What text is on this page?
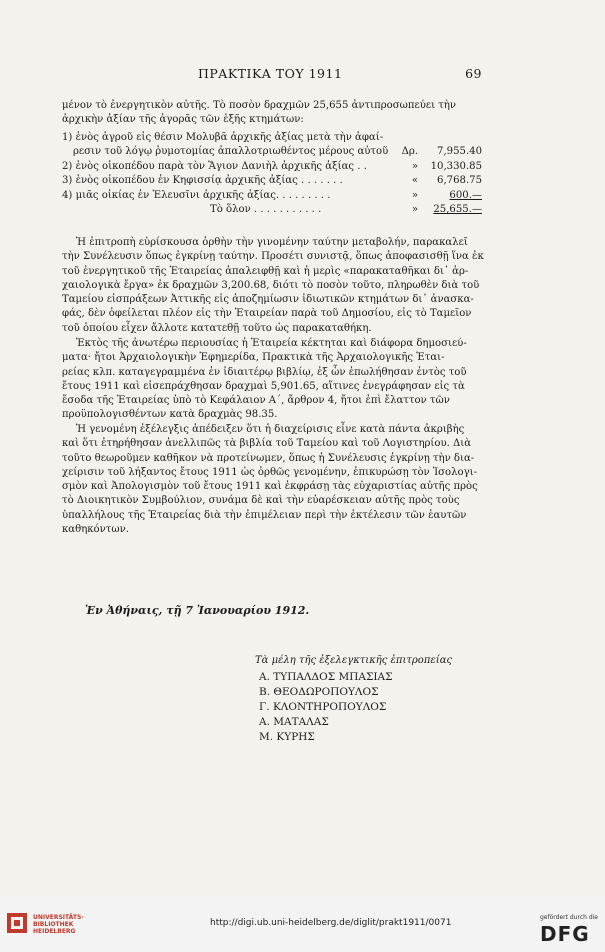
ΠΡΑΚΤΙΚΑ ΤΟΥ 1911	69
μένον τὸ ἐνεργητικὸν αὐτῆς. Τὸ ποσὸν δραχμῶν 25,655 ἀντιπροσωπεύει τὴν
ἀρχικὴν ἀξίαν τῆς ἀγορᾶς τῶν ἑξῆς κτημάτων:
1) ἑνὸς ἀγροῦ εἰς θέσιν Μολυβᾶ ἀρχικῆς ἀξίας μετὰ τὴν ἀφαί-
ρεσιν τοῦ λόγῳ ῥυμοτομίας ἀπαλλοτριωθέντος μέρους αὐτοῦ	Δρ. 7,955.40
2) ἑνὸς οἰκοπέδου παρὰ τὸν Ἅγιον Δανιὴλ ἀρχικῆς ἀξίας . .	» 10,330.85
3) ἑνὸς οἰκοπέδου ἐν Κηφισσίᾳ ἀρχικῆς ἀξίας . . . . . . .	« 6,768.75
4) μιᾶς οἰκίας ἐν Ἐλευσῖνι ἀρχικῆς ἀξίας. . . . . . . . .	»	600.—
Τὸ ὅλον . . . . . . . . . . .	» 25,655.—
Ἡ ἐπιτροπὴ εὑρίσκουσα ὀρθὴν τὴν γινομένην ταύτην μεταβολήν, παρακαλεῖ
τὴν Συνέλευσιν ὅπως ἐγκρίνῃ ταύτην. Προσέτι συνιστᾷ, ὅπως ἀποφασισθῇ ἵνα ἐκ
τοῦ ἐνεργητικοῦ τῆς Ἑταιρείας ἀπαλειφθῇ καὶ ἡ μερὶς «παρακαταθῆκαι δι᾽ ἀρ-
χαιολογικὰ ἔργα» ἐκ δραχμῶν 3,200.68, διότι τὸ ποσὸν τοῦτο, πληρωθὲν διὰ τοῦ
Ταμείου εἰσπράξεων Ἀττικῆς εἰς ἀποζημίωσιν ἰδιωτικῶν κτημάτων δι᾽ ἀνασκα-
φάς, δὲν ὀφείλεται πλέον εἰς τὴν Ἑταιρείαν παρὰ τοῦ Δημοσίου, εἰς τὸ Ταμεῖον
τοῦ ὁποίου εἶχεν ἄλλοτε κατατεθῇ τοῦτο ὡς παρακαταθήκη.
Ἐκτὸς τῆς ἀνωτέρω περιουσίας ἡ Ἑταιρεία κέκτηται καὶ διάφορα δημοσιεύ-
ματα· ἤτοι Ἀρχαιολογικὴν Ἐφημερίδα, Πρακτικὰ τῆς Ἀρχαιολογικῆς Ἑται-
ρείας κλπ. καταγεγραμμένα ἐν ἰδιαιτέρῳ βιβλίῳ, ἐξ ὧν ἐπωλήθησαν ἐντὸς τοῦ
ἔτους 1911 καὶ εἰσεπράχθησαν δραχμαὶ 5,901.65, αἵτινες ἐνεγράφησαν εἰς τὰ
ἔσοδα τῆς Ἑταιρείας ὑπὸ τὸ Κεφάλαιον Α´, ἄρθρον 4, ἤτοι ἐπὶ ἔλαττον τῶν
προϋπολογισθέντων κατὰ δραχμὰς 98.35.
Ἡ γενομένη ἐξέλεγξις ἀπέδειξεν ὅτι ἡ διαχείρισις εἶνε κατὰ πάντα ἀκριβὴς
καὶ ὅτι ἐτηρήθησαν ἀνελλιπῶς τὰ βιβλία τοῦ Ταμείου καὶ τοῦ Λογιστηρίου. Διὰ
τοῦτο θεωροῦμεν καθῆκον νὰ προτείνωμεν, ὅπως ἡ Συνέλευσις ἐγκρίνῃ τὴν δια-
χείρισιν τοῦ λήξαντος ἔτους 1911 ὡς ὀρθῶς γενομένην, ἐπικυρώσῃ τὸν Ἰσολογι-
σμὸν καὶ Ἀπολογισμὸν τοῦ ἔτους 1911 καὶ ἐκφράσῃ τὰς εὐχαριστίας αὐτῆς πρὸς
τὸ Διοικητικὸν Συμβούλιον, συνάμα δὲ καὶ τὴν εὐαρέσκειαν αὐτῆς πρὸς τοὺς
ὑπαλλήλους τῆς Ἑταιρείας διὰ τὴν ἐπιμέλειαν περὶ τὴν ἐκτέλεσιν τῶν ἑαυτῶν
καθηκόντων.
Ἐν Ἀθήναις, τῇ 7 Ἰανουαρίου 1912.
Τὰ μέλη τῆς ἐξελεγκτικῆς ἐπιτροπείας
Α. ΤΥΠΑΛΔΟΣ ΜΠΑΣΙΑΣ
Β. ΘΕΟΔΩΡΟΠΟΥΛΟΣ
Γ. ΚΛΟΝΤΗΡΟΠΟΥΛΟΣ
Α. ΜΑΤΑΛΑΣ
Μ. ΚΥΡΗΣ
UNIVERSITÄTS-
BIBLIOTHEK
HEIDELBERG
http://digi.ub.uni-heidelberg.de/diglit/prakt1911/0071
gefördert durch die
DFG
